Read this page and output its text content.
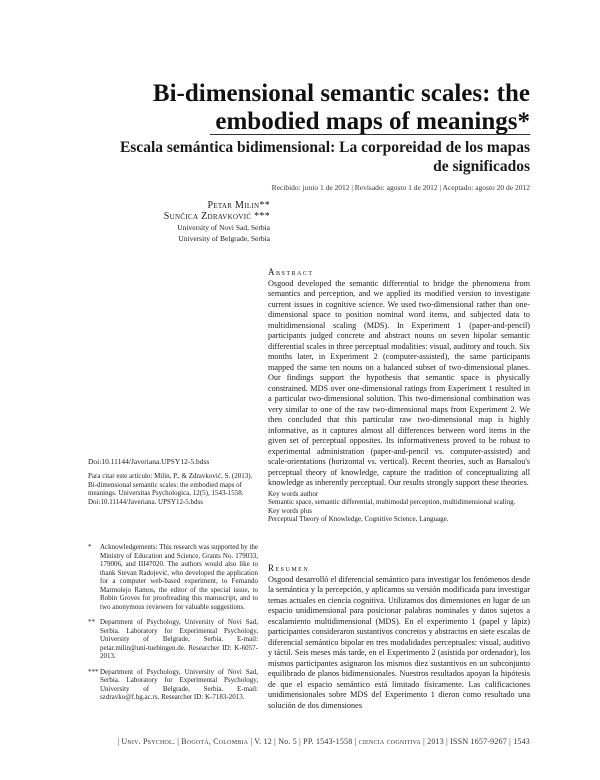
Bi-dimensional semantic scales: the embodied maps of meanings*
Escala semántica bidimensional: La corporeidad de los mapas de significados
Recibido: junio 1 de 2012 | Revisado: agosto 1 de 2012 | Aceptado: agosto 20 de 2012
Petar Milin**
Sunčica Zdravković ***
University of Novi Sad, Serbia
University of Belgrade, Serbia
Doi:10.11144/Javeriana.UPSY12-5.bdss
Para citar este artículo: Milin, P., & Zdravković, S. (2013). Bi-dimensional semantic scales: the embodied maps of meanings. Universitas Psychologica, 12(5), 1543-1558. Doi:10.11144/Javeriana. UPSY12-5.bdss
*	Acknowledgements: This research was supported by the Ministry of Education and Science, Grants No. 179033, 179006, and III47020. The authors would also like to thank Stevan Radojević, who developed the application for a computer web-based experiment, to Fernando Marmolejo Ramos, the editor of the special issue, to Robin Groves for proofreading this manuscript, and to two anonymous reviewers for valuable suggestions.
** Department of Psychology, University of Novi Sad, Serbia. Laboratory for Experimental Psychology, University of Belgrade, Serbia. E-mail: petar.milin@uni-tuebingen.de. Researcher ID: K-6057-2013.
*** Department of Psychology, University of Novi Sad, Serbia. Laboratory for Experimental Psychology, University of Belgrade, Serbia. E-mail: szdravko@f.bg.ac.rs. Researcher ID: K-7183-2013.
Abstract

Osgood developed the semantic differential to bridge the phenomena from semantics and perception, and we applied its modified version to investigate current issues in cognitive science. We used two-dimensional rather than one-dimensional space to position nominal word items, and subjected data to multidimensional scaling (MDS). In Experiment 1 (paper-and-pencil) participants judged concrete and abstract nouns on seven bipolar semantic differential scales in three perceptual modalities: visual, auditory and touch. Six months later, in Experiment 2 (computer-assisted), the same participants mapped the same ten nouns on a balanced subset of two-dimensional planes. Our findings support the hypothesis that semantic space is physically constrained. MDS over one-dimensional ratings from Experiment 1 resulted in a particular two-dimensional solution. This two-dimensional combination was very similar to one of the raw two-dimensional maps from Experiment 2. We then concluded that this particular raw two-dimensional map is highly informative, as it captures almost all differences between word items in the given set of perceptual opposites. Its informativeness proved to be robust to experimental administration (paper-and-pencil vs. computer-assisted) and scale-orientations (horizontal vs. vertical). Recent theories, such as Barsalou's perceptual theory of knowledge, capture the tradition of conceptualizing all knowledge as inherently perceptual. Our results strongly support these theories.

Key words author
Semantic space, semantic differential, multimodal perception, multidimensional scaling.
Key words plus
Perceptual Theory of Knowledge, Cognitive Science, Language.
Resumen

Osgood desarrolló el diferencial semántico para investigar los fenómenos desde la semántica y la percepción, y aplicamos su versión modificada para investigar temas actuales en ciencia cognitiva. Utilizamos dos dimensiones en lugar de un espacio unidimensional para posicionar palabras nominales y datos sujetos a escalamiento multidimensional (MDS). En el experimento 1 (papel y lápiz) participantes consideraron sustantivos concretos y abstractos en siete escalas de diferencial semántico bipolar en tres modalidades perceptuales: visual, auditivo y táctil. Seis meses más tarde, en el Experimento 2 (asistida por ordenador), los mismos participantes asignaron los mismos diez sustantivos en un subconjunto equilibrado de planos bidimensionales. Nuestros resultados apoyan la hipótesis de que el espacio semántico está limitado físicamente. Las calificaciones unidimensionales sobre MDS del Experimento 1 dieron como resultado una solución de dos dimensiones

| Univ. Psychol. | Bogotá, Colombia | V. 12 | No. 5 | PP. 1543-1558 | ciencia cognitiva | 2013 | ISSN 1657-9267 | 1543
